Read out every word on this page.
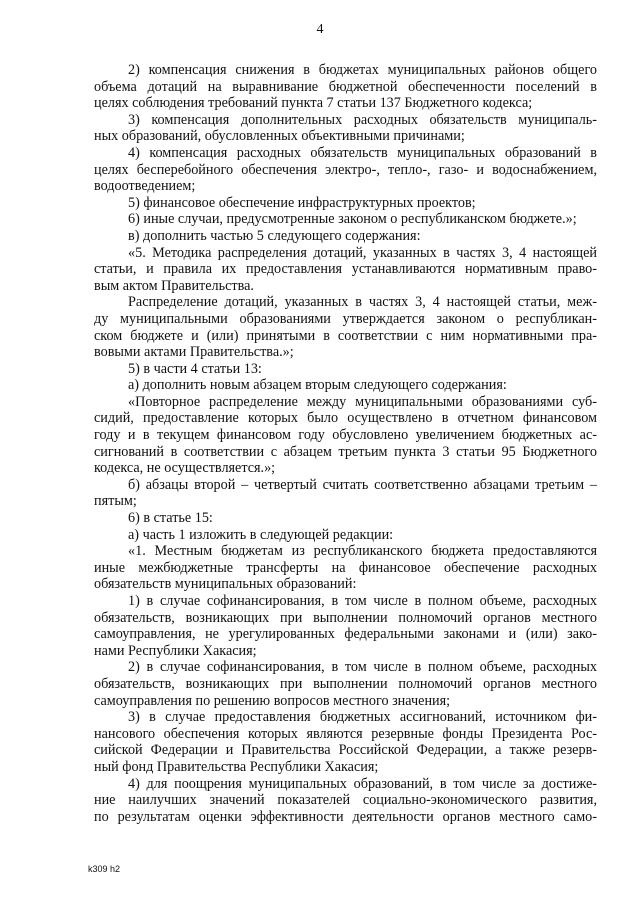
4
2) компенсация снижения в бюджетах муниципальных районов общего
объема дотаций на выравнивание бюджетной обеспеченности поселений в
целях соблюдения требований пункта 7 статьи 137 Бюджетного кодекса;
3) компенсация дополнительных расходных обязательств муниципаль-
ных образований, обусловленных объективными причинами;
4) компенсация расходных обязательств муниципальных образований в
целях бесперебойного обеспечения электро-, тепло-, газо- и водоснабжением,
водоотведением;
5) финансовое обеспечение инфраструктурных проектов;
6) иные случаи, предусмотренные законом о республиканском бюджете.»;
в) дополнить частью 5 следующего содержания:
«5. Методика распределения дотаций, указанных в частях 3, 4 настоящей
статьи, и правила их предоставления устанавливаются нормативным право-
вым актом Правительства.
Распределение дотаций, указанных в частях 3, 4 настоящей статьи, меж-
ду муниципальными образованиями утверждается законом о республикан-
ском бюджете и (или) принятыми в соответствии с ним нормативными пра-
вовыми актами Правительства.»;
5) в части 4 статьи 13:
а) дополнить новым абзацем вторым следующего содержания:
«Повторное распределение между муниципальными образованиями суб-
сидий, предоставление которых было осуществлено в отчетном финансовом
году и в текущем финансовом году обусловлено увеличением бюджетных ас-
сигнований в соответствии с абзацем третьим пункта 3 статьи 95 Бюджетного
кодекса, не осуществляется.»;
б) абзацы второй – четвертый считать соответственно абзацами третьим –
пятым;
6) в статье 15:
а) часть 1 изложить в следующей редакции:
«1. Местным бюджетам из республиканского бюджета предоставляются
иные межбюджетные трансферты на финансовое обеспечение расходных
обязательств муниципальных образований:
1) в случае софинансирования, в том числе в полном объеме, расходных
обязательств, возникающих при выполнении полномочий органов местного
самоуправления, не урегулированных федеральными законами и (или) зако-
нами Республики Хакасия;
2) в случае софинансирования, в том числе в полном объеме, расходных
обязательств, возникающих при выполнении полномочий органов местного
самоуправления по решению вопросов местного значения;
3) в случае предоставления бюджетных ассигнований, источником фи-
нансового обеспечения которых являются резервные фонды Президента Рос-
сийской Федерации и Правительства Российской Федерации, а также резерв-
ный фонд Правительства Республики Хакасия;
4) для поощрения муниципальных образований, в том числе за достиже-
ние наилучших значений показателей социально-экономического развития,
по результатам оценки эффективности деятельности органов местного само-
k309 h2
